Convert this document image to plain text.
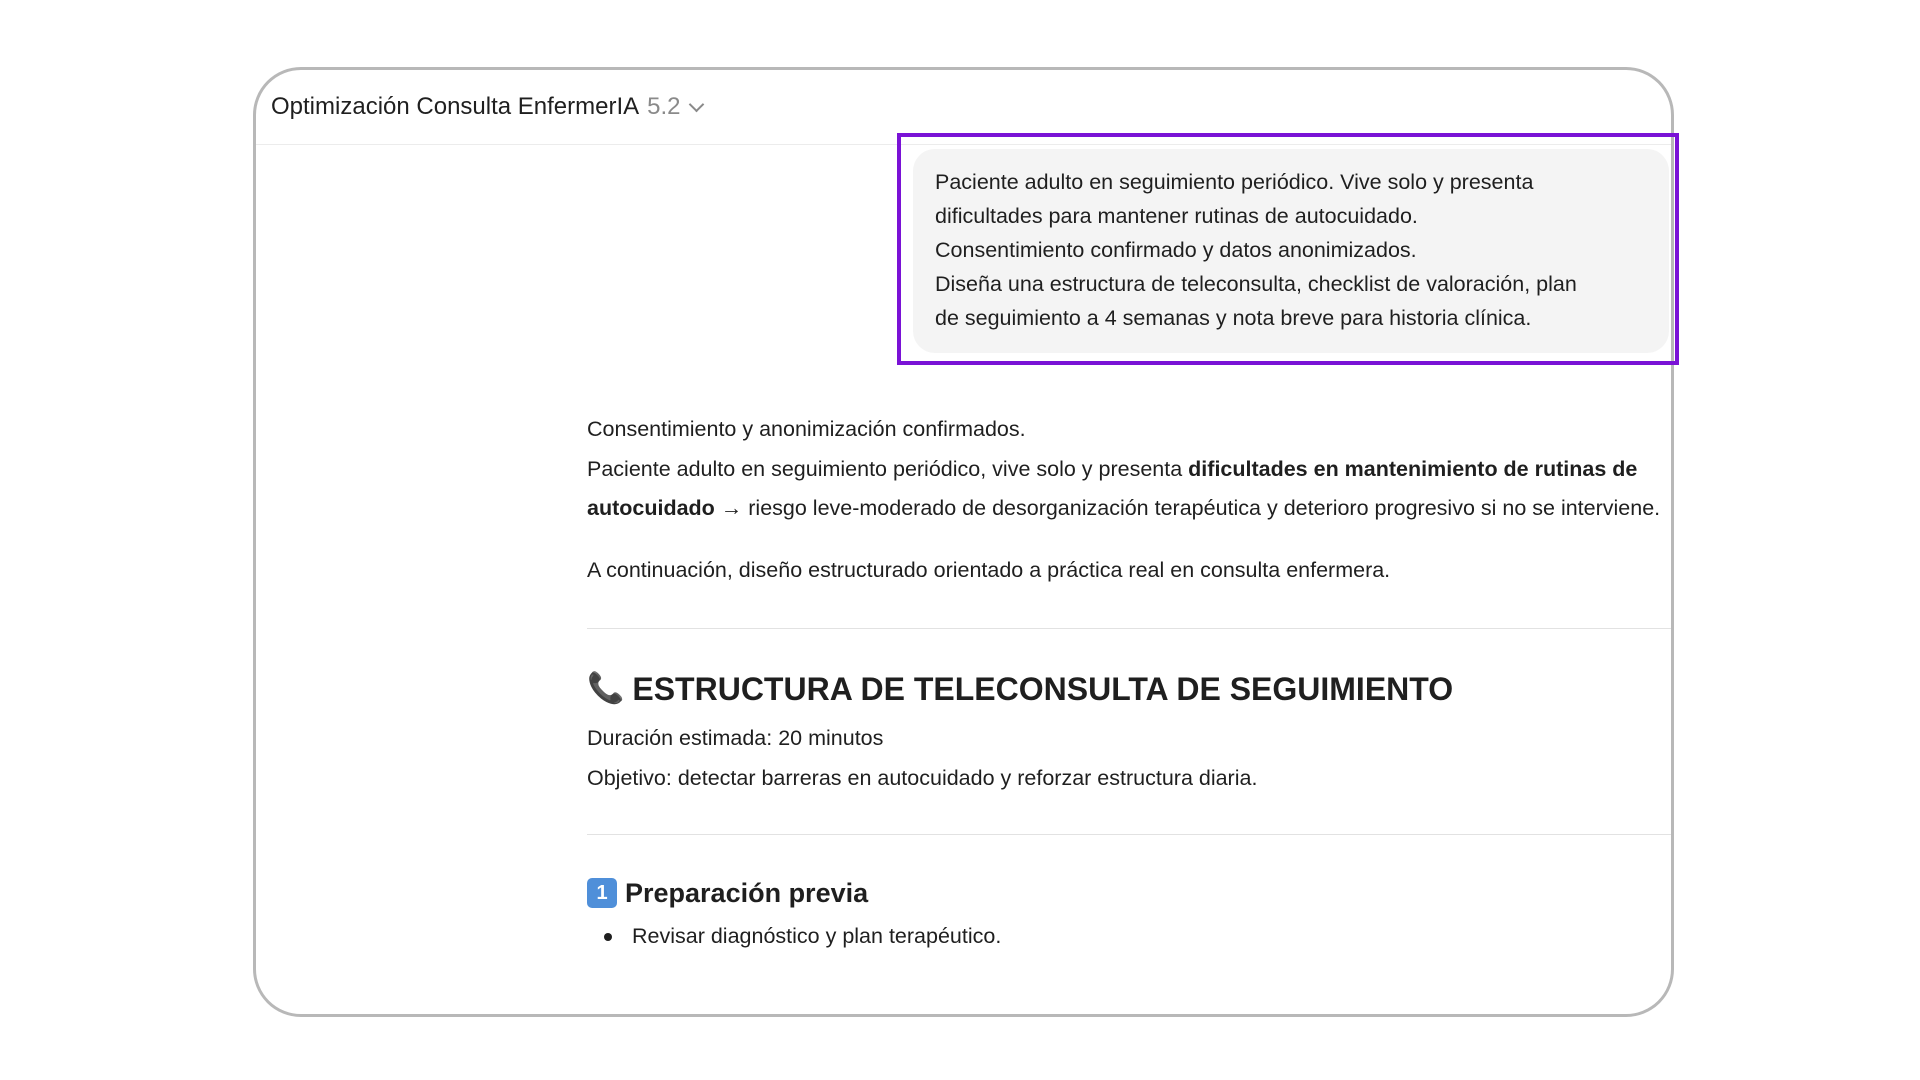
Optimización Consulta EnfermerIA 5.2

Paciente adulto en seguimiento periódico. Vive solo y presenta

dificultades para mantener rutinas de autocuidado.

Consentimiento confirmado y datos anonimizados.

Diseña una estructura de teleconsulta, checklist de valoración, plan

de seguimiento a 4 semanas y nota breve para historia clínica.

Consentimiento y anonimización confirmados.

Paciente adulto en seguimiento periódico, vive solo y presenta dificultades en mantenimiento de rutinas de autocuidado → riesgo leve-moderado de desorganización terapéutica y deterioro progresivo si no se interviene.

A continuación, diseño estructurado orientado a práctica real en consulta enfermera.

📞 ESTRUCTURA DE TELECONSULTA DE SEGUIMIENTO

Duración estimada: 20 minutos

Objetivo: detectar barreras en autocuidado y reforzar estructura diaria.

1 Preparación previa
Revisar diagnóstico y plan terapéutico.
